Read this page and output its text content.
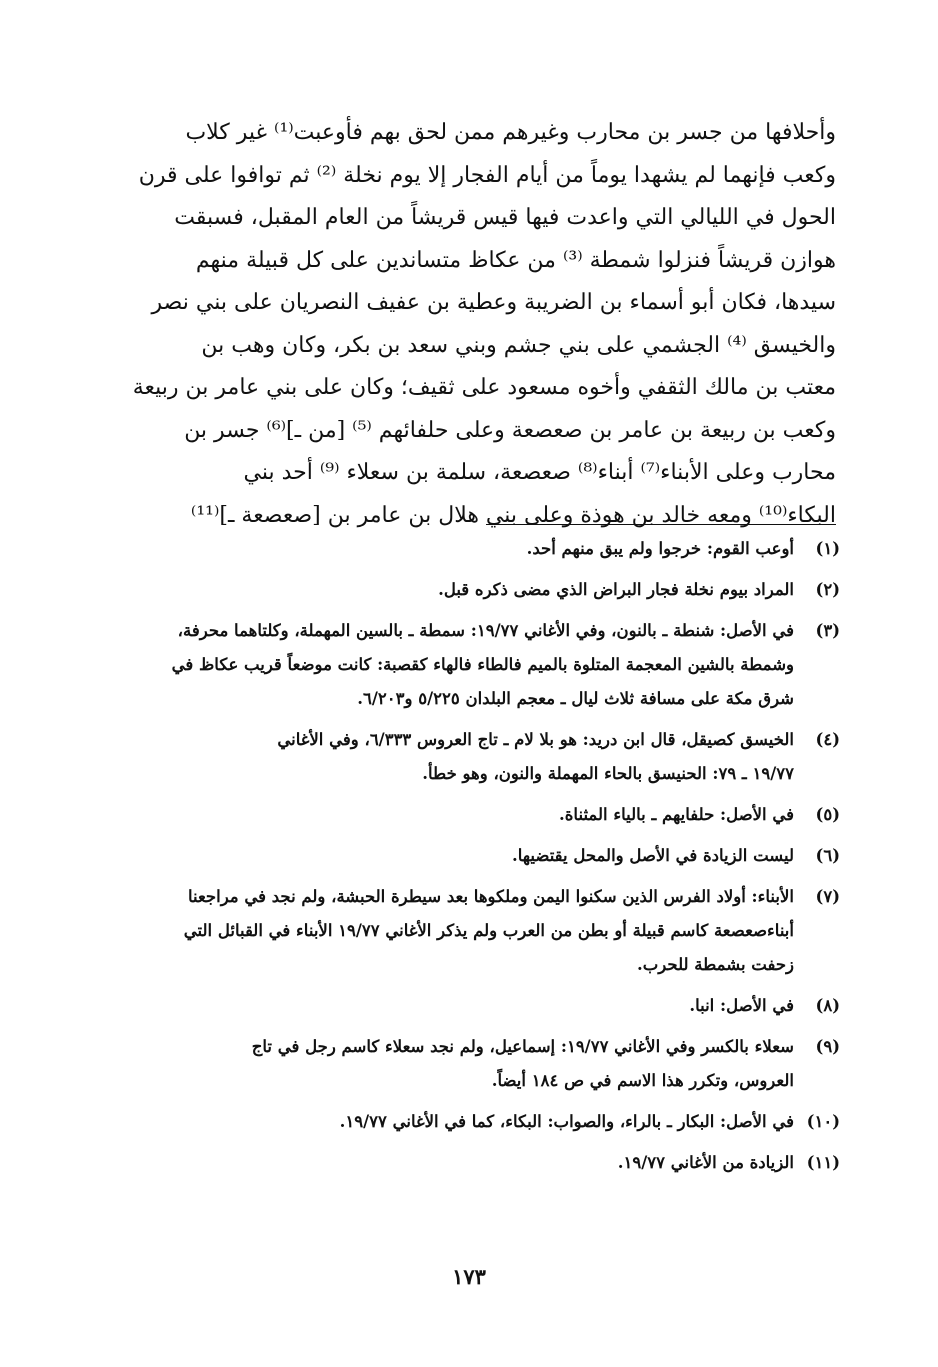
وأحلافها من جسر بن محارب وغيرهم ممن لحق بهم فأوعبت⁽¹⁾ غير كلاب
وكعب فإنهما لم يشهدا يوماً من أيام الفجار إلا يوم نخلة ⁽²⁾ ثم توافوا على قرن
الحول في الليالي التي واعدت فيها قيس قريشاً من العام المقبل، فسبقت
هوازن قريشاً فنزلوا شمطة ⁽³⁾ من عكاظ متساندين على كل قبيلة منهم
سيدها، فكان أبو أسماء بن الضريبة وعطية بن عفيف النصريان على بني نصر
والخيسق ⁽⁴⁾ الجشمي على بني جشم وبني سعد بن بكر، وكان وهب بن
معتب بن مالك الثقفي وأخوه مسعود على ثقيف؛ وكان على بني عامر بن ربيعة
وكعب بن ربيعة بن عامر بن صعصعة وعلى حلفائهم ⁽⁵⁾ [من ـ]⁽⁶⁾ جسر بن
محارب وعلى الأبناء⁽⁷⁾ أبناء⁽⁸⁾ صعصعة، سلمة بن سعلاء ⁽⁹⁾ أحد بني
البكاء⁽¹⁰⁾ ومعه خالد بن هوذة وعلى بني هلال بن عامر بن [صعصعة ـ]⁽¹¹⁾
(١)
أوعب القوم: خرجوا ولم يبق منهم أحد.
(٢)
المراد بيوم نخلة فجار البراض الذي مضى ذكره قبل.
(٣)
في الأصل: شنطة ـ بالنون، وفي الأغاني ١٩/٧٧: سمطة ـ بالسين المهملة، وكلتاهما محرفة،
وشمطة بالشين المعجمة المتلوة بالميم فالطاء فالهاء كقصبة: كانت موضعاً قريب عكاظ في
شرق مكة على مسافة ثلاث ليال ـ معجم البلدان ٥/٢٢٥ و٦/٢٠٣.
(٤)
الخيسق كصيقل، قال ابن دريد: هو بلا لام ـ تاج العروس ٦/٣٣٣، وفي الأغاني
١٩/٧٧ ـ ٧٩: الحنيسق بالحاء المهملة والنون، وهو خطأ.
(٥)
في الأصل: حلفايهم ـ بالياء المثناة.
(٦)
ليست الزيادة في الأصل والمحل يقتضيها.
(٧)
الأبناء: أولاد الفرس الذين سكنوا اليمن وملكوها بعد سيطرة الحبشة، ولم نجد في مراجعنا
أبناءصعصعة كاسم قبيلة أو بطن من العرب ولم يذكر الأغاني ١٩/٧٧ الأبناء في القبائل التي
زحفت بشمطة للحرب.
(٨)
في الأصل: انبا.
(٩)
سعلاء بالكسر وفي الأغاني ١٩/٧٧: إسماعيل، ولم نجد سعلاء كاسم رجل في تاج
العروس، وتكرر هذا الاسم في ص ١٨٤ أيضاً.
(١٠)
في الأصل: البكار ـ بالراء، والصواب: البكاء، كما في الأغاني ١٩/٧٧.
(١١)
الزيادة من الأغاني ١٩/٧٧.
١٧٣
